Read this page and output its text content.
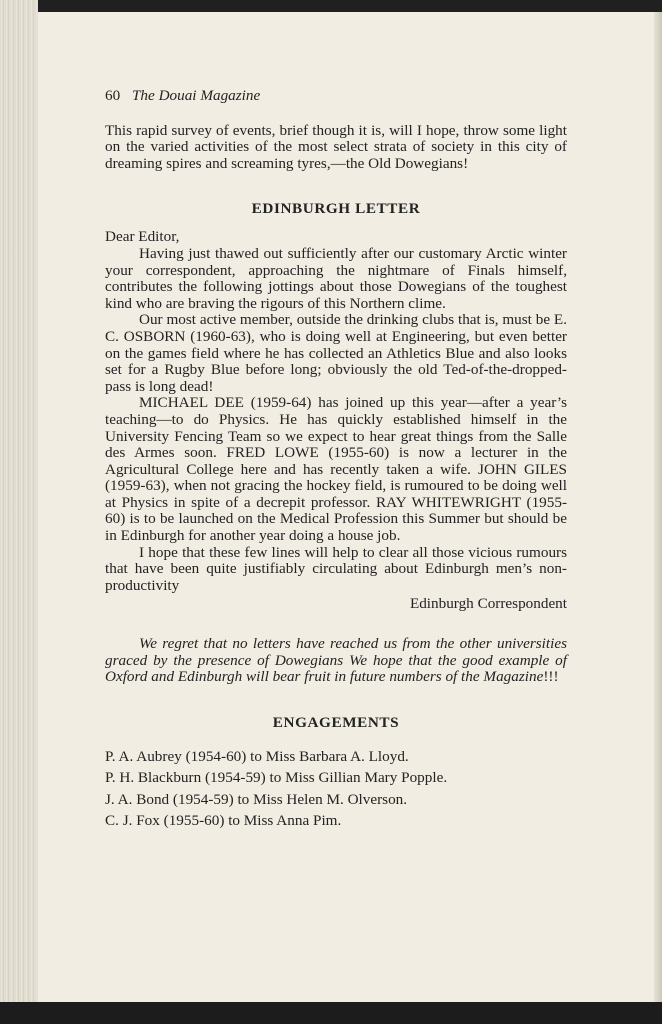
60 The Douai Magazine

This rapid survey of events, brief though it is, will I hope, throw some light on the varied activities of the most select strata of society in this city of dreaming spires and screaming tyres,—the Old Dowegians!

EDINBURGH LETTER

Dear Editor,

Having just thawed out sufficiently after our customary Arctic winter your correspondent, approaching the nightmare of Finals himself, contributes the following jottings about those Dowegians of the toughest kind who are braving the rigours of this Northern clime.

Our most active member, outside the drinking clubs that is, must be E. C. OSBORN (1960-63), who is doing well at Engineering, but even better on the games field where he has collected an Athletics Blue and also looks set for a Rugby Blue before long; obviously the old Ted-of-the-dropped-pass is long dead!

MICHAEL DEE (1959-64) has joined up this year—after a year’s teaching—to do Physics. He has quickly established himself in the University Fencing Team so we expect to hear great things from the Salle des Armes soon. FRED LOWE (1955-60) is now a lecturer in the Agricultural College here and has recently taken a wife. JOHN GILES (1959-63), when not gracing the hockey field, is rumoured to be doing well at Physics in spite of a decrepit professor. RAY WHITEWRIGHT (1955-60) is to be launched on the Medical Profession this Summer but should be in Edinburgh for another year doing a house job.

I hope that these few lines will help to clear all those vicious rumours that have been quite justifiably circulating about Edinburgh men’s non-productivity

Edinburgh Correspondent

We regret that no letters have reached us from the other universities graced by the presence of Dowegians We hope that the good example of Oxford and Edinburgh will bear fruit in future numbers of the Magazine!!!

ENGAGEMENTS
P. A. Aubrey (1954-60) to Miss Barbara A. Lloyd.
P. H. Blackburn (1954-59) to Miss Gillian Mary Popple.
J. A. Bond (1954-59) to Miss Helen M. Olverson.
C. J. Fox (1955-60) to Miss Anna Pim.
